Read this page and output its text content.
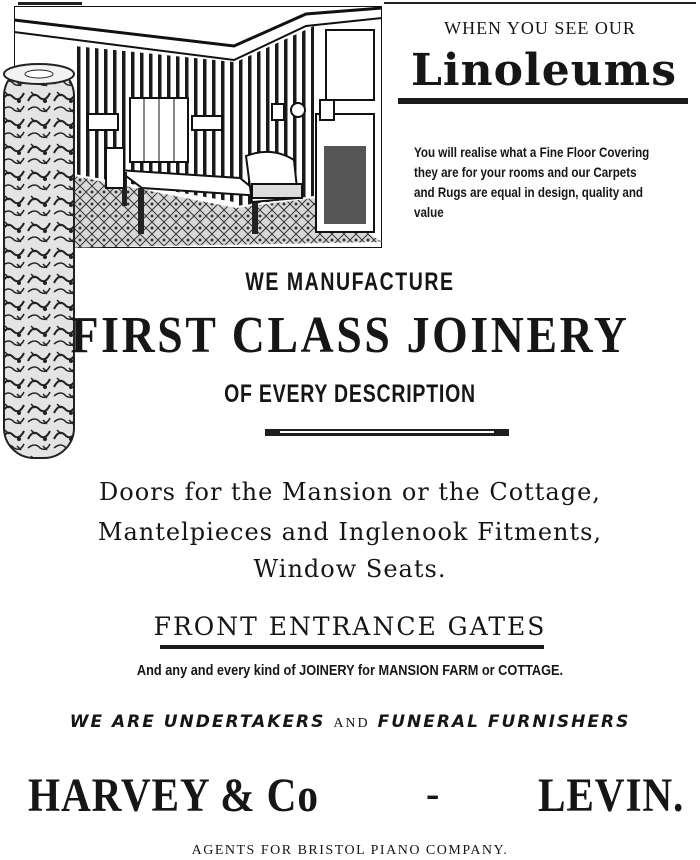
WHEN YOU SEE OUR
Linoleums
You will realise what a Fine Floor Covering they are for your rooms and our Carpets and Rugs are equal in design, quality and value
WE MANUFACTURE
FIRST CLASS JOINERY
OF EVERY DESCRIPTION
Doors for the Mansion or the Cottage,
Mantelpieces and Inglenook Fitments,
Window Seats.
FRONT ENTRANCE GATES
And any and every kind of JOINERY for MANSION FARM or COTTAGE.
WE ARE UNDERTAKERS AND FUNERAL FURNISHERS
HARVEY & Co	- LEVIN.
AGENTS FOR BRISTOL PIANO COMPANY.
